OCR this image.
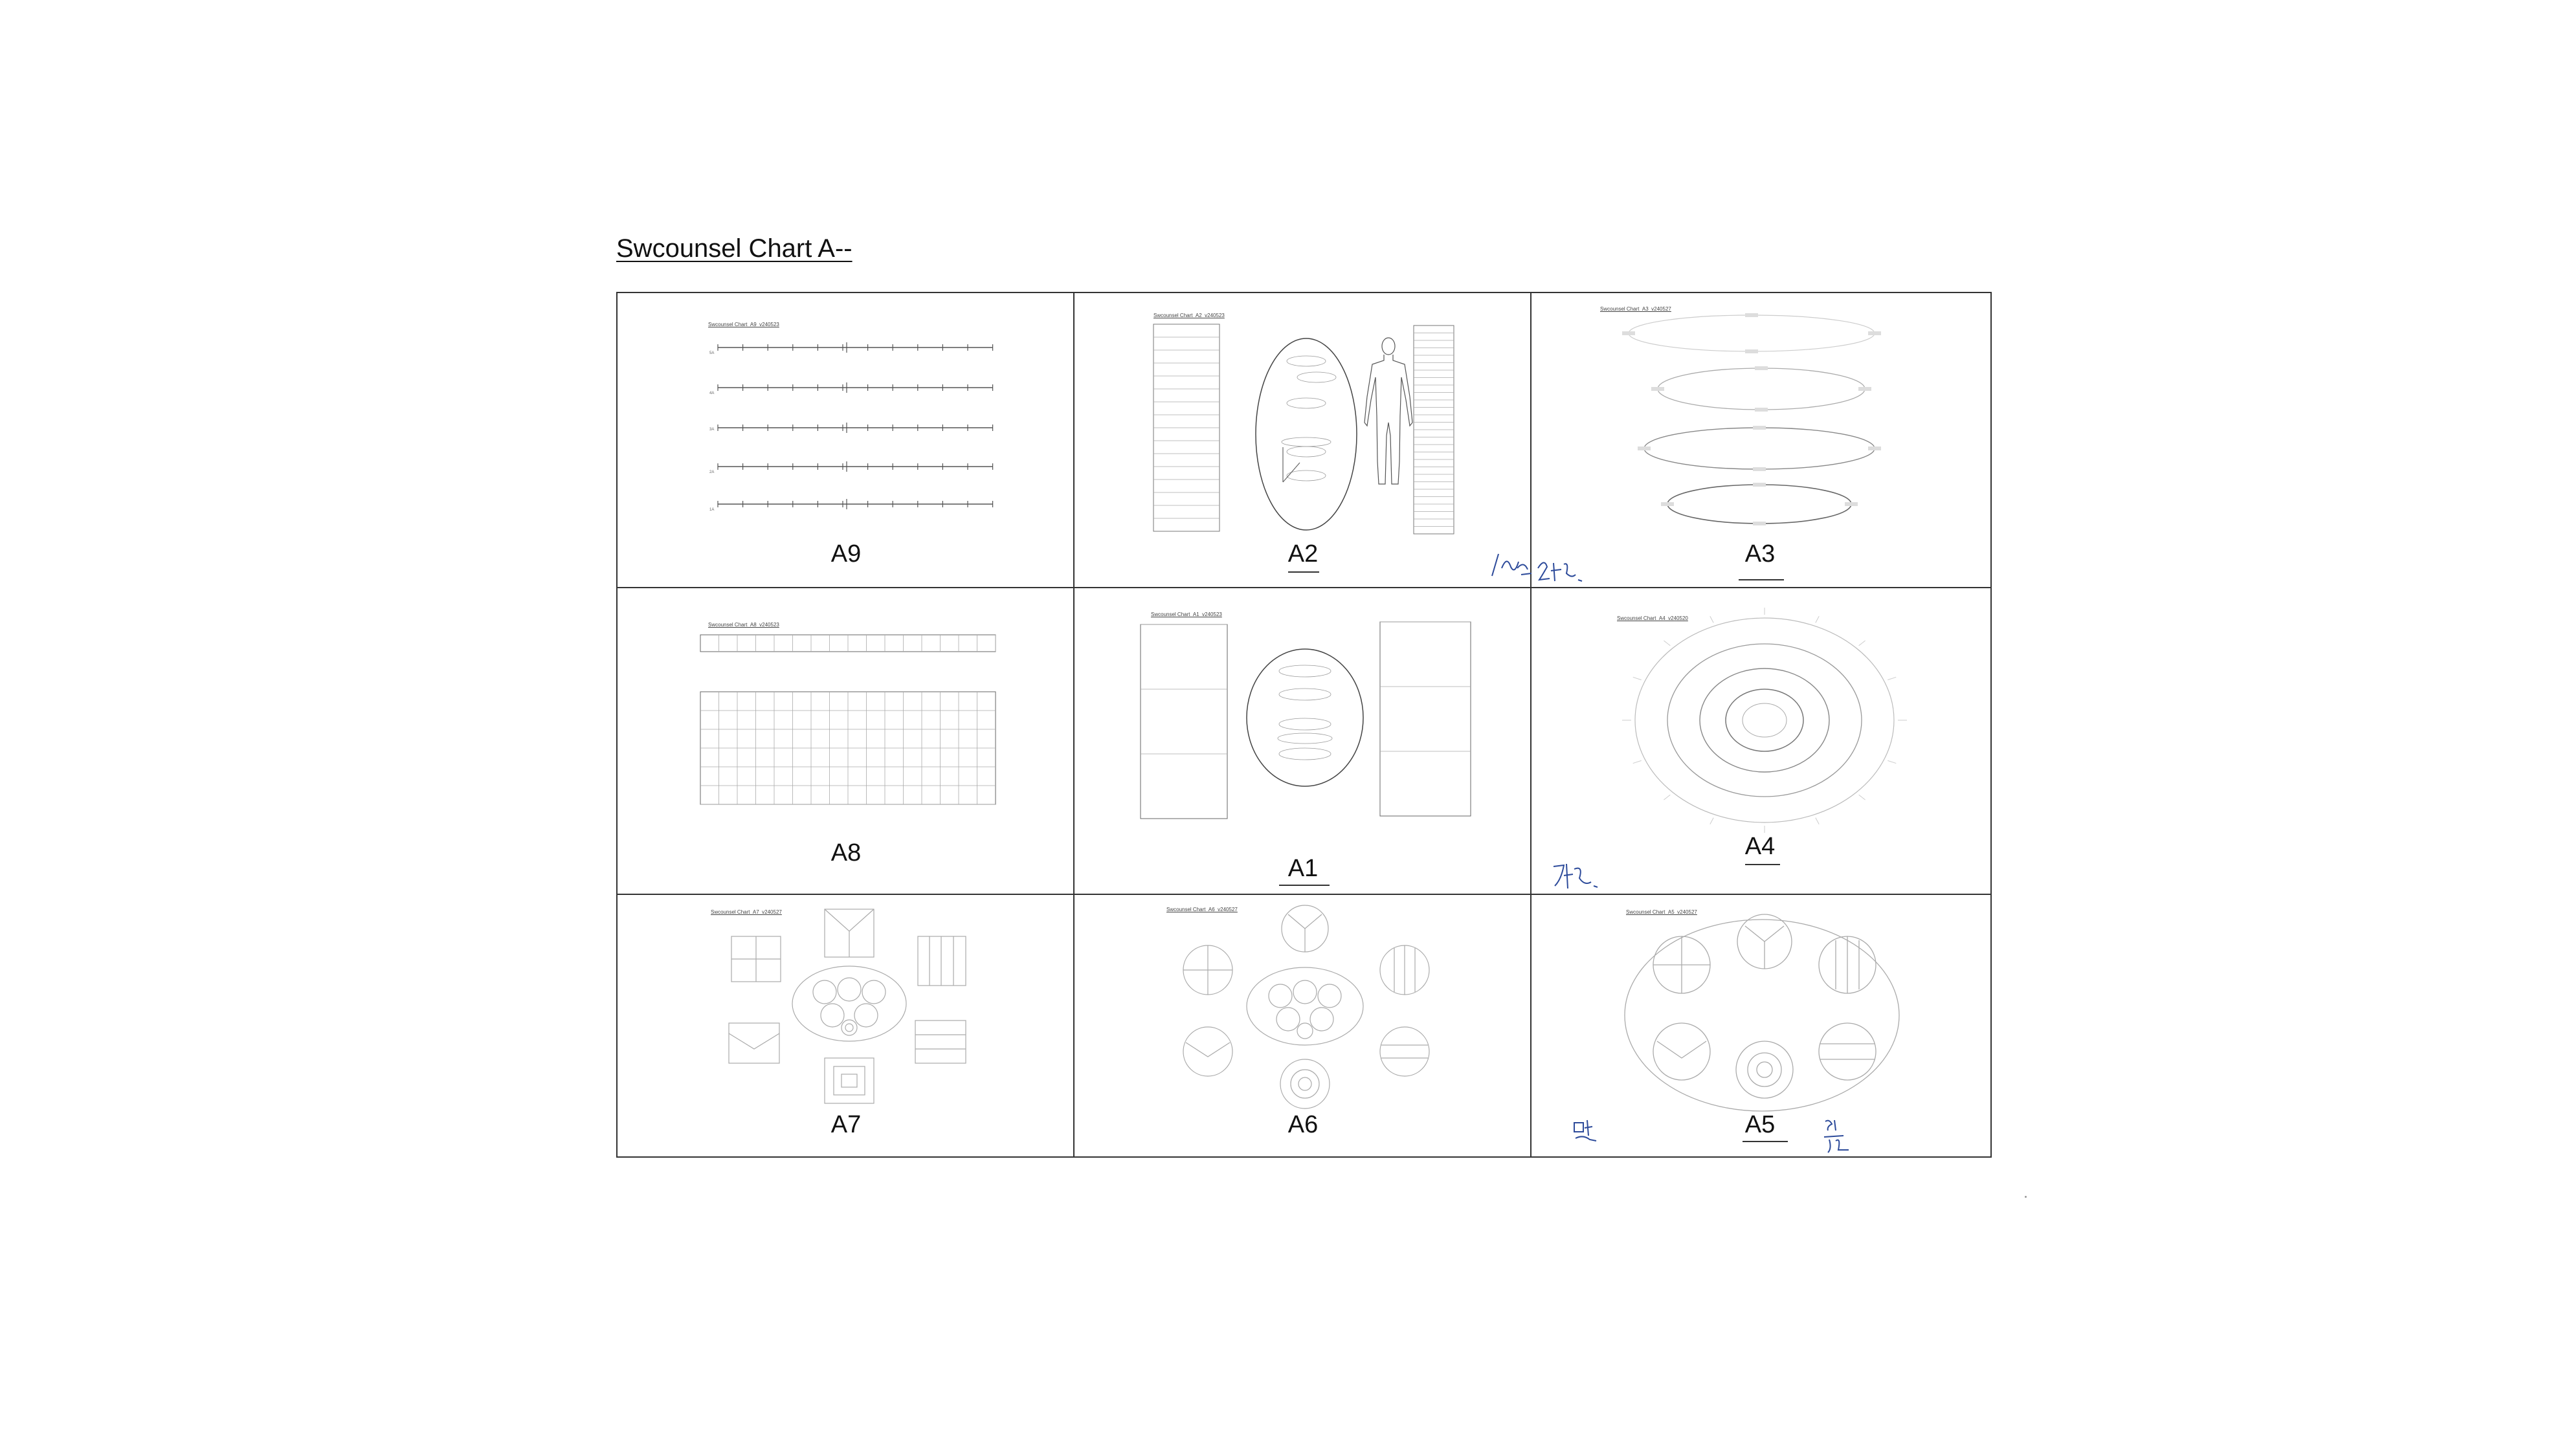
Swcounsel Chart A--
Swcounsel Chart_A9_v240523
5A
4A
3A
2A
1A
A9
Swcounsel Chart_A2_v240523
A2
Swcounsel Chart_A3_v240527
A3
Swcounsel Chart_A8_v240523
A8
Swcounsel Chart_A1_v240523
A1
Swcounsel Chart_A4_v240520
A4
Swcounsel Chart_A7_v240527
A7
Swcounsel Chart_A6_v240527
A6
Swcounsel Chart_A5_v240527
A5
